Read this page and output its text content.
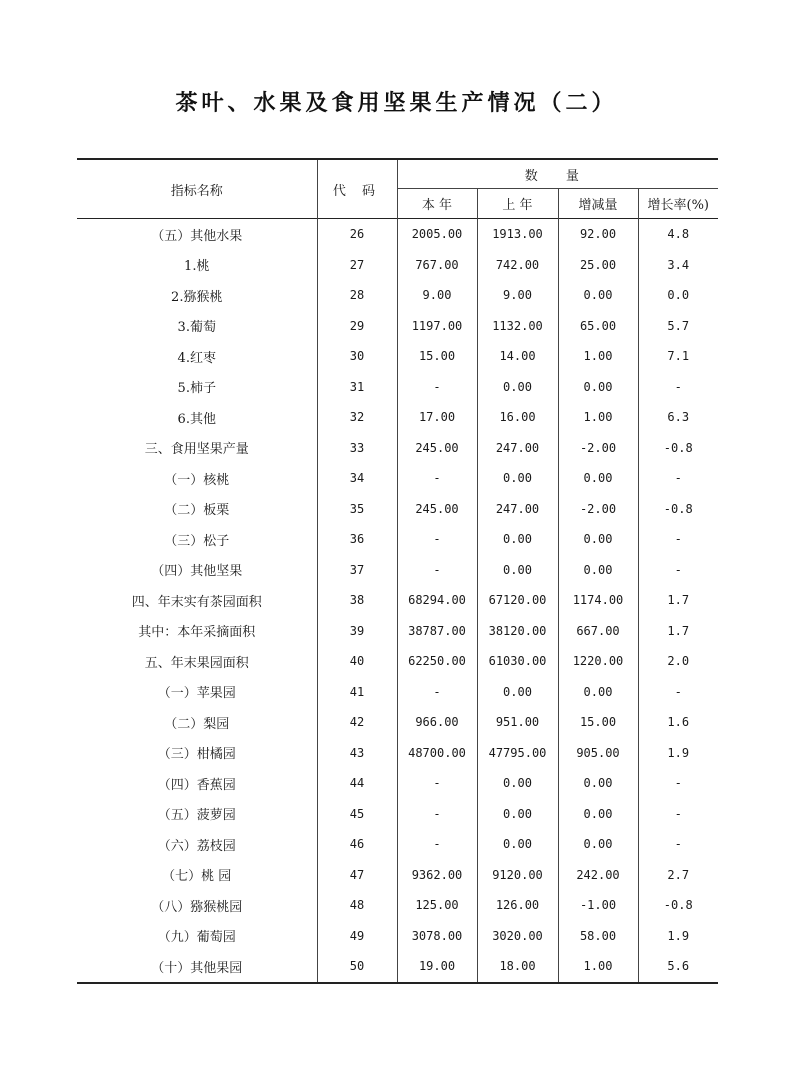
茶叶、水果及食用坚果生产情况（二）
指标名称	代 码	数 量			
		本 年	上 年	增减量	增长率(%)
（五）其他水果	26	2005.00	1913.00	92.00	4.8
1.桃	27	767.00	742.00	25.00	3.4
2.猕猴桃	28	9.00	9.00	0.00	0.0
3.葡萄	29	1197.00	1132.00	65.00	5.7
4.红枣	30	15.00	14.00	1.00	7.1
5.柿子	31	-	0.00	0.00	-
6.其他	32	17.00	16.00	1.00	6.3
三、食用坚果产量	33	245.00	247.00	-2.00	-0.8
（一）核桃	34	-	0.00	0.00	-
（二）板栗	35	245.00	247.00	-2.00	-0.8
（三）松子	36	-	0.00	0.00	-
（四）其他坚果	37	-	0.00	0.00	-
四、年末实有茶园面积	38	68294.00	67120.00	1174.00	1.7
其中：本年采摘面积	39	38787.00	38120.00	667.00	1.7
五、年末果园面积	40	62250.00	61030.00	1220.00	2.0
（一）苹果园	41	-	0.00	0.00	-
（二）梨园	42	966.00	951.00	15.00	1.6
（三）柑橘园	43	48700.00	47795.00	905.00	1.9
（四）香蕉园	44	-	0.00	0.00	-
（五）菠萝园	45	-	0.00	0.00	-
（六）荔枝园	46	-	0.00	0.00	-
（七）桃 园	47	9362.00	9120.00	242.00	2.7
（八）猕猴桃园	48	125.00	126.00	-1.00	-0.8
（九）葡萄园	49	3078.00	3020.00	58.00	1.9
（十）其他果园	50	19.00	18.00	1.00	5.6
